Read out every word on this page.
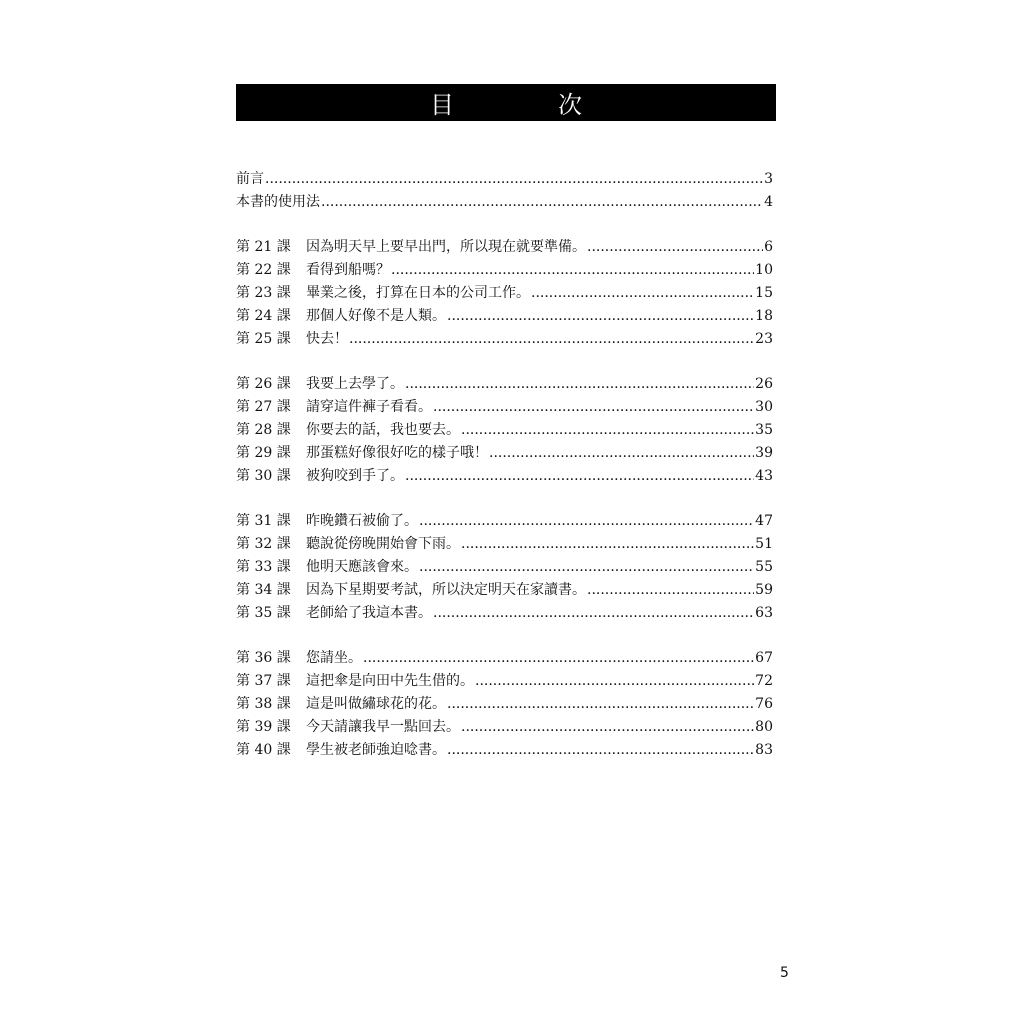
目　次
前言 .....	3
本書的使用法 .....	4
第 21 課	因為明天早上要早出門，所以現在就要準備。 .....	6
第 22 課	看得到船嗎？ .....	10
第 23 課	畢業之後，打算在日本的公司工作。 .....	15
第 24 課	那個人好像不是人類。 .....	18
第 25 課	快去！ .....	23
第 26 課	我要上去學了。 .....	26
第 27 課	請穿這件褲子看看。 .....	30
第 28 課	你要去的話，我也要去。 .....	35
第 29 課	那蛋糕好像很好吃的樣子哦！ .....	39
第 30 課	被狗咬到手了。 .....	43
第 31 課	昨晚鑽石被偷了。 .....	47
第 32 課	聽說從傍晚開始會下雨。 .....	51
第 33 課	他明天應該會來。 .....	55
第 34 課	因為下星期要考試，所以決定明天在家讀書。 .....	59
第 35 課	老師給了我這本書。 .....	63
第 36 課	您請坐。 .....	67
第 37 課	這把傘是向田中先生借的。 .....	72
第 38 課	這是叫做繡球花的花。 .....	76
第 39 課	今天請讓我早一點回去。 .....	80
第 40 課	學生被老師強迫唸書。 .....	83
5
